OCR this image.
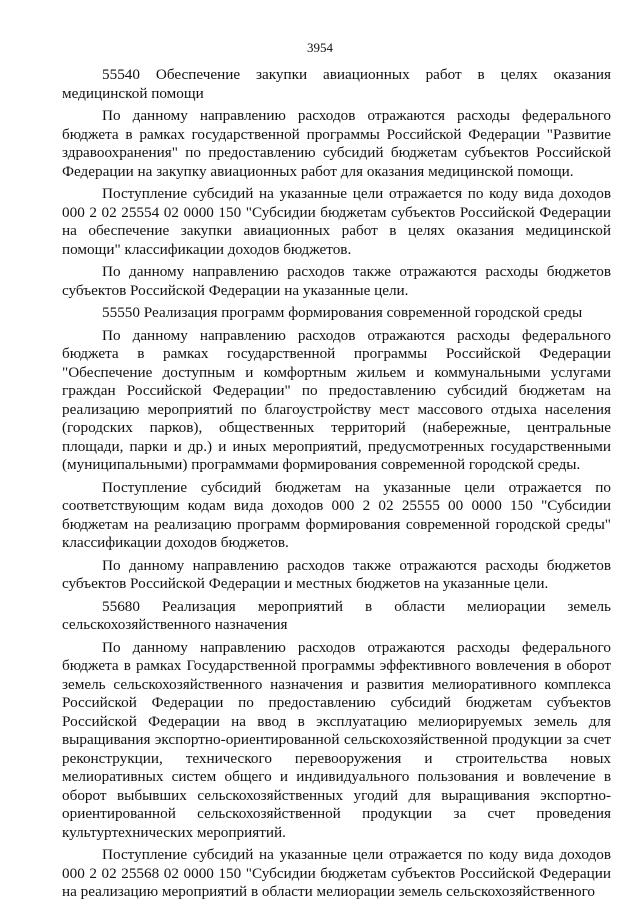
3954

55540 Обеспечение закупки авиационных работ в целях оказания медицинской помощи

По данному направлению расходов отражаются расходы федерального бюджета в рамках государственной программы Российской Федерации "Развитие здравоохранения" по предоставлению субсидий бюджетам субъектов Российской Федерации на закупку авиационных работ для оказания медицинской помощи.

Поступление субсидий на указанные цели отражается по коду вида доходов 000 2 02 25554 02 0000 150 "Субсидии бюджетам субъектов Российской Федерации на обеспечение закупки авиационных работ в целях оказания медицинской помощи" классификации доходов бюджетов.

По данному направлению расходов также отражаются расходы бюджетов субъектов Российской Федерации на указанные цели.

55550 Реализация программ формирования современной городской среды

По данному направлению расходов отражаются расходы федерального бюджета в рамках государственной программы Российской Федерации "Обеспечение доступным и комфортным жильем и коммунальными услугами граждан Российской Федерации" по предоставлению субсидий бюджетам на реализацию мероприятий по благоустройству мест массового отдыха населения (городских парков), общественных территорий (набережные, центральные площади, парки и др.) и иных мероприятий, предусмотренных государственными (муниципальными) программами формирования современной городской среды.

Поступление субсидий бюджетам на указанные цели отражается по соответствующим кодам вида доходов 000 2 02 25555 00 0000 150 "Субсидии бюджетам на реализацию программ формирования современной городской среды" классификации доходов бюджетов.

По данному направлению расходов также отражаются расходы бюджетов субъектов Российской Федерации и местных бюджетов на указанные цели.

55680 Реализация мероприятий в области мелиорации земель сельскохозяйственного назначения

По данному направлению расходов отражаются расходы федерального бюджета в рамках Государственной программы эффективного вовлечения в оборот земель сельскохозяйственного назначения и развития мелиоративного комплекса Российской Федерации по предоставлению субсидий бюджетам субъектов Российской Федерации на ввод в эксплуатацию мелиорируемых земель для выращивания экспортно-ориентированной сельскохозяйственной продукции за счет реконструкции, технического перевооружения и строительства новых мелиоративных систем общего и индивидуального пользования и вовлечение в оборот выбывших сельскохозяйственных угодий для выращивания экспортно-ориентированной сельскохозяйственной продукции за счет проведения культуртехнических мероприятий.

Поступление субсидий на указанные цели отражается по коду вида доходов 000 2 02 25568 02 0000 150 "Субсидии бюджетам субъектов Российской Федерации на реализацию мероприятий в области мелиорации земель сельскохозяйственного
